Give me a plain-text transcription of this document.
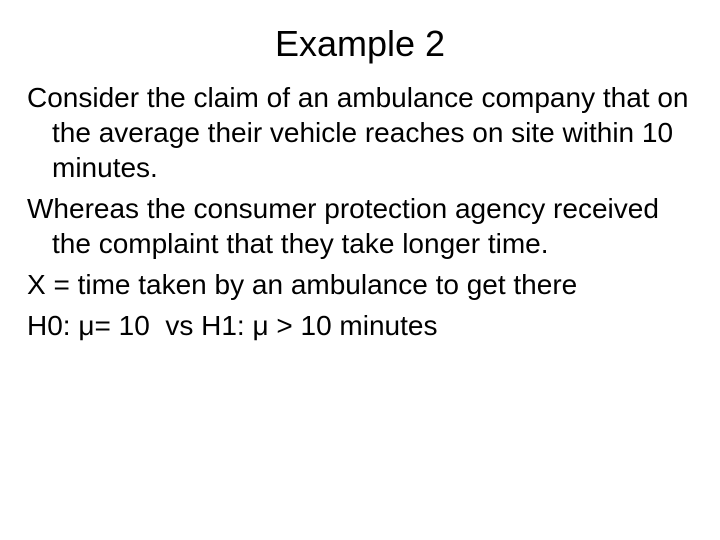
Example 2
Consider the claim of an ambulance company that on the average their vehicle reaches on site within 10 minutes.
Whereas the consumer protection agency received the complaint that they take longer time.
X = time taken by an ambulance to get there
H0: μ= 10  vs H1: μ > 10 minutes
